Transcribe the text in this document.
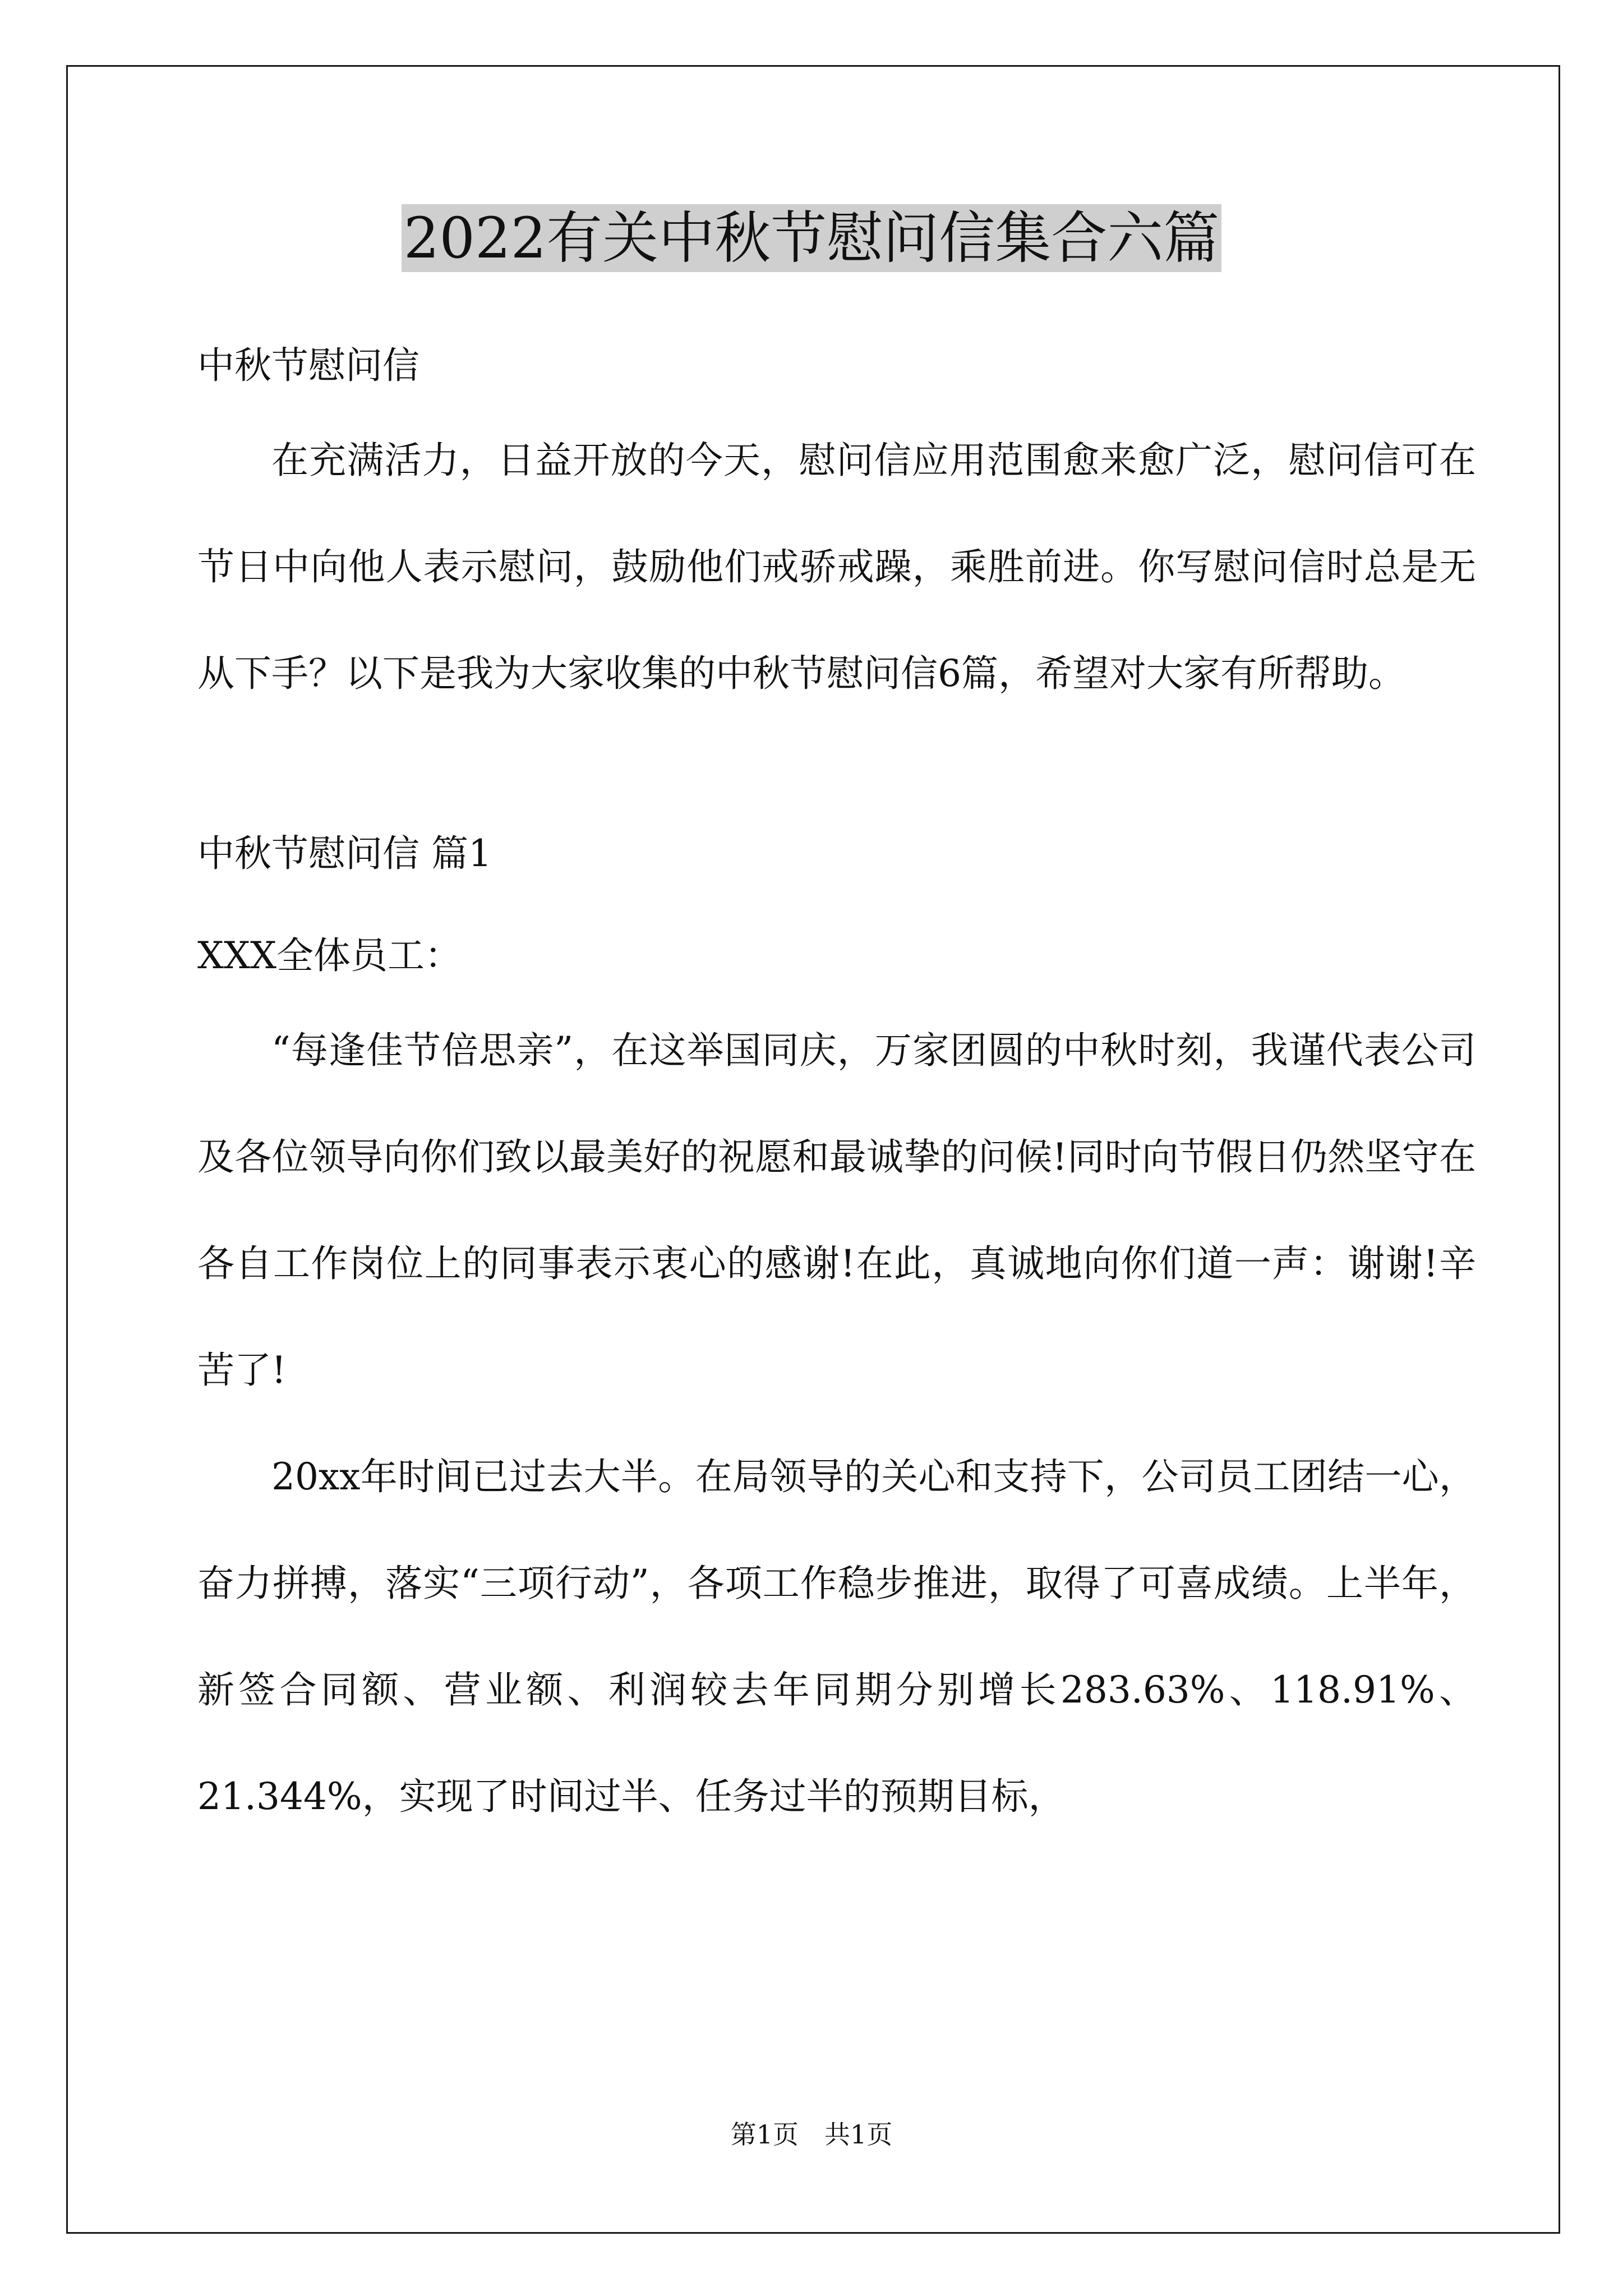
2022有关中秋节慰问信集合六篇

中秋节慰问信

在充满活力，日益开放的今天，慰问信应用范围愈来愈广泛，慰问信可在节日中向他人表示慰问，鼓励他们戒骄戒躁，乘胜前进。你写慰问信时总是无从下手？以下是我为大家收集的中秋节慰问信6篇，希望对大家有所帮助。

中秋节慰问信 篇1

XXX全体员工：

“每逢佳节倍思亲”，在这举国同庆，万家团圆的中秋时刻，我谨代表公司及各位领导向你们致以最美好的祝愿和最诚挚的问候!同时向节假日仍然坚守在各自工作岗位上的同事表示衷心的感谢!在此，真诚地向你们道一声：谢谢!辛苦了!

20xx年时间已过去大半。在局领导的关心和支持下，公司员工团结一心，奋力拼搏，落实“三项行动”，各项工作稳步推进，取得了可喜成绩。上半年，新签合同额、营业额、利润较去年同期分别增长283.63%、118.91%、21.344%，实现了时间过半、任务过半的预期目标，

第1页　共1页
